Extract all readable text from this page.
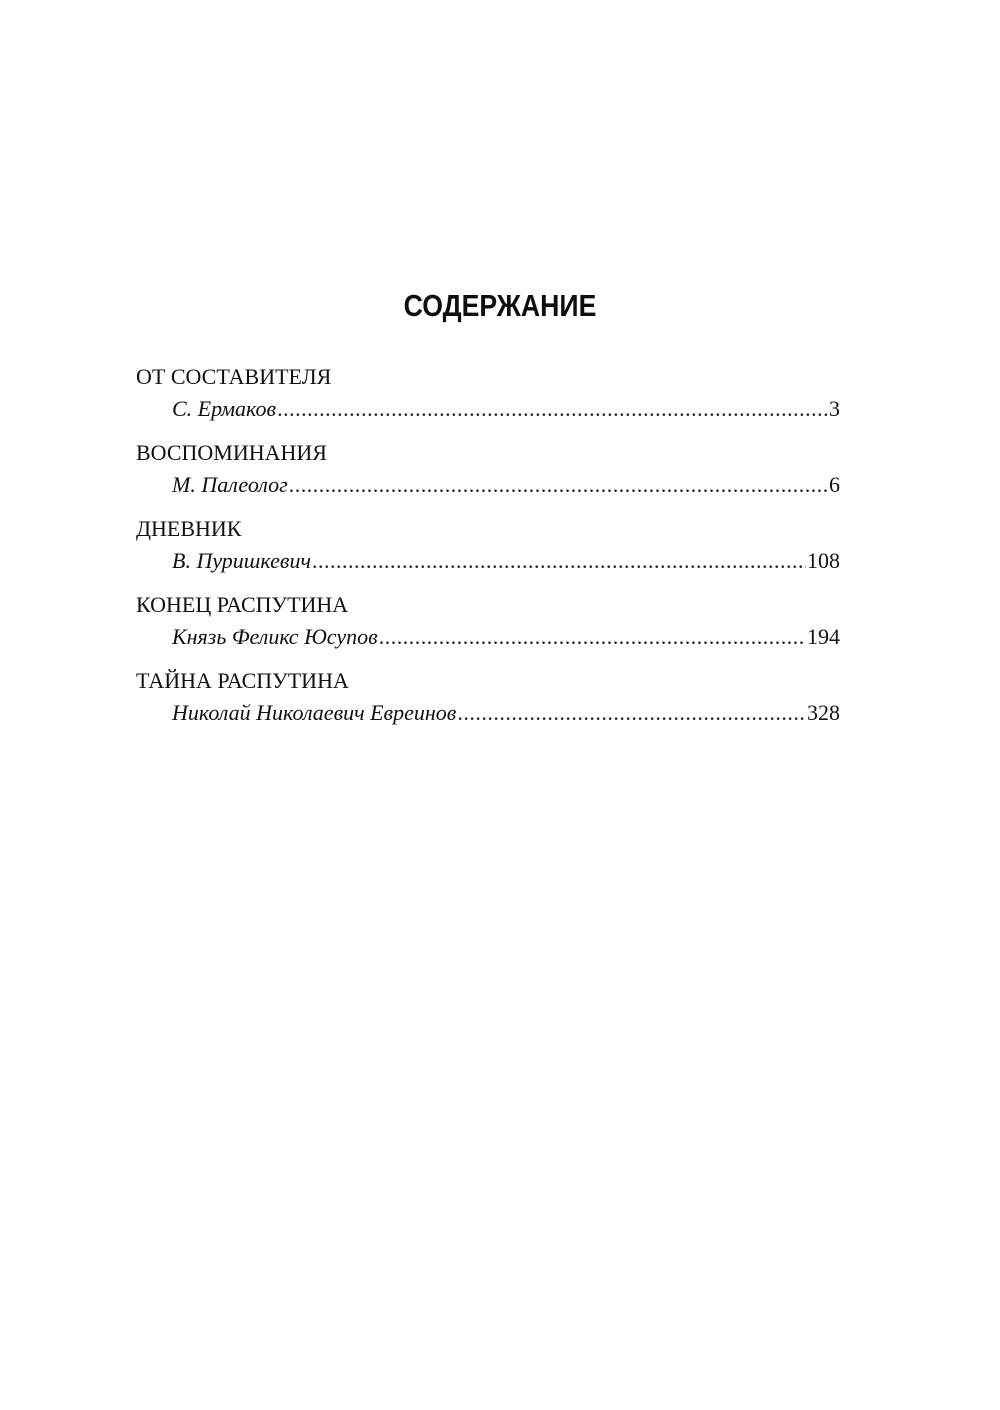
СОДЕРЖАНИЕ
ОТ СОСТАВИТЕЛЯ
С. Ермаков .....	3
ВОСПОМИНАНИЯ
М. Палеолог .....	6
ДНЕВНИК
В. Пуришкевич .....	108
КОНЕЦ РАСПУТИНА
Князь Феликс Юсупов .....	194
ТАЙНА РАСПУТИНА
Николай Николаевич Евреинов .....	328
